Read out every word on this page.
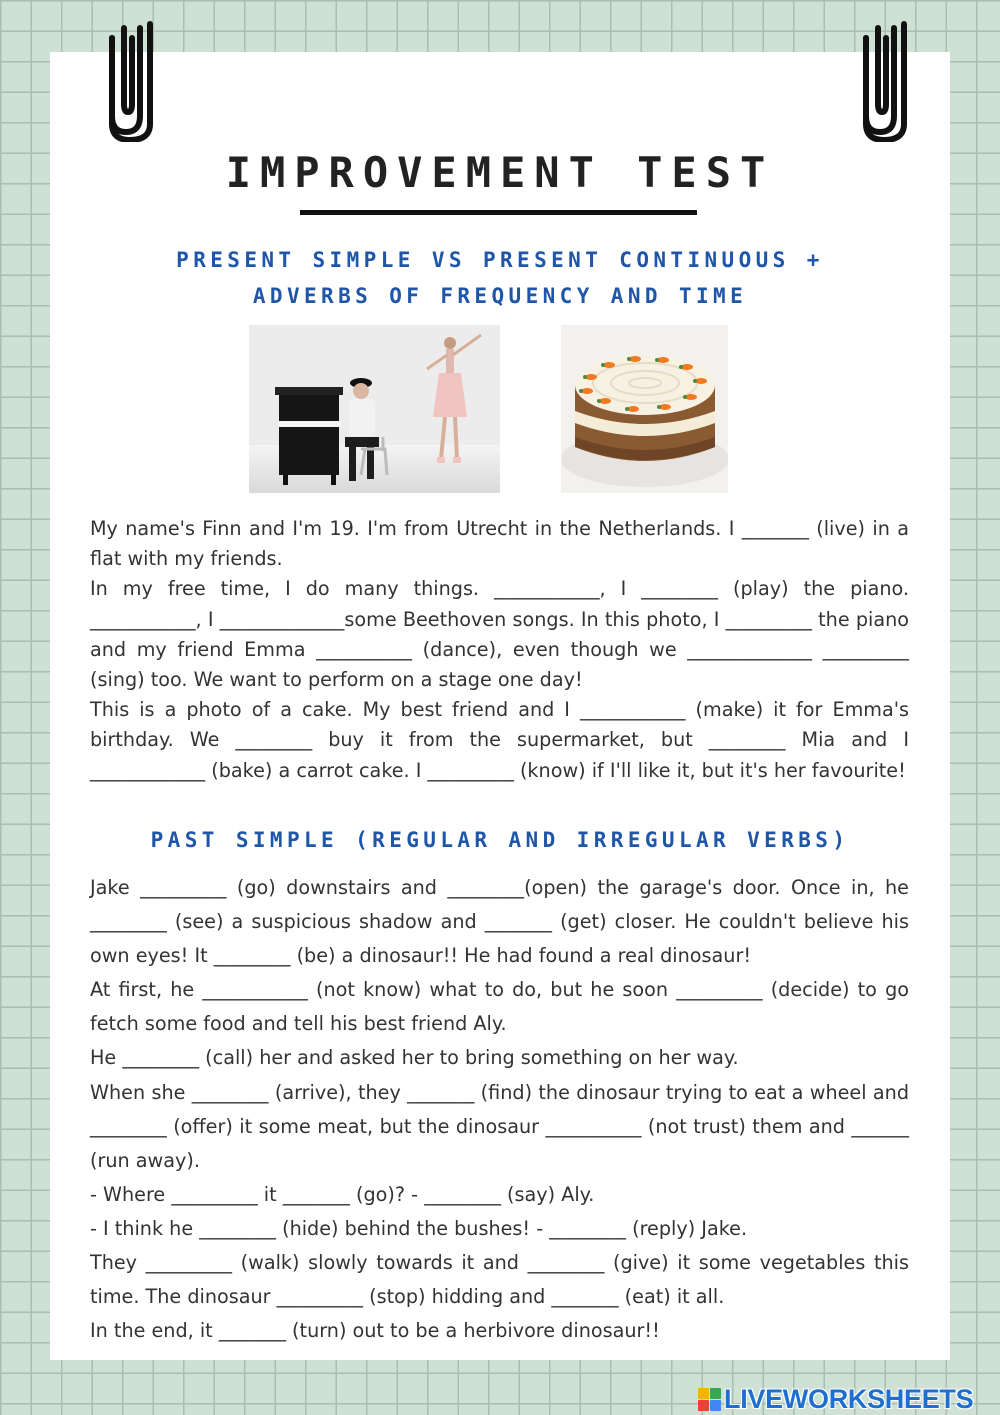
IMPROVEMENT TEST
PRESENT SIMPLE VS PRESENT CONTINUOUS +
ADVERBS OF FREQUENCY AND TIME

My name's Finn and I'm 19. I'm from Utrecht in the Netherlands. I _______ (live) in a flat with my friends.

In my free time, I do many things. ___________, I ________ (play) the piano. ___________, I _____________some Beethoven songs. In this photo, I _________ the piano and my friend Emma __________ (dance), even though we _____________ _________ (sing) too. We want to perform on a stage one day!

This is a photo of a cake. My best friend and I ___________ (make) it for Emma's birthday. We ________ buy it from the supermarket, but ________ Mia and I ____________ (bake) a carrot cake. I _________ (know) if I'll like it, but it's her favourite!

PAST SIMPLE (REGULAR AND IRREGULAR VERBS)

Jake _________ (go) downstairs and ________(open) the garage's door. Once in, he ________ (see) a suspicious shadow and _______ (get) closer. He couldn't believe his own eyes! It ________ (be) a dinosaur!! He had found a real dinosaur!

At first, he ___________ (not know) what to do, but he soon _________ (decide) to go fetch some food and tell his best friend Aly.

He ________ (call) her and asked her to bring something on her way.

When she ________ (arrive), they _______ (find) the dinosaur trying to eat a wheel and ________ (offer) it some meat, but the dinosaur __________ (not trust) them and ______ (run away).

- Where _________ it _______ (go)? - ________ (say) Aly.

- I think he ________ (hide) behind the bushes! - ________ (reply) Jake.

They _________ (walk) slowly towards it and ________ (give) it some vegetables this time. The dinosaur _________ (stop) hidding and _______ (eat) it all.

In the end, it _______ (turn) out to be a herbivore dinosaur!!

LIVEWORKSHEETS
